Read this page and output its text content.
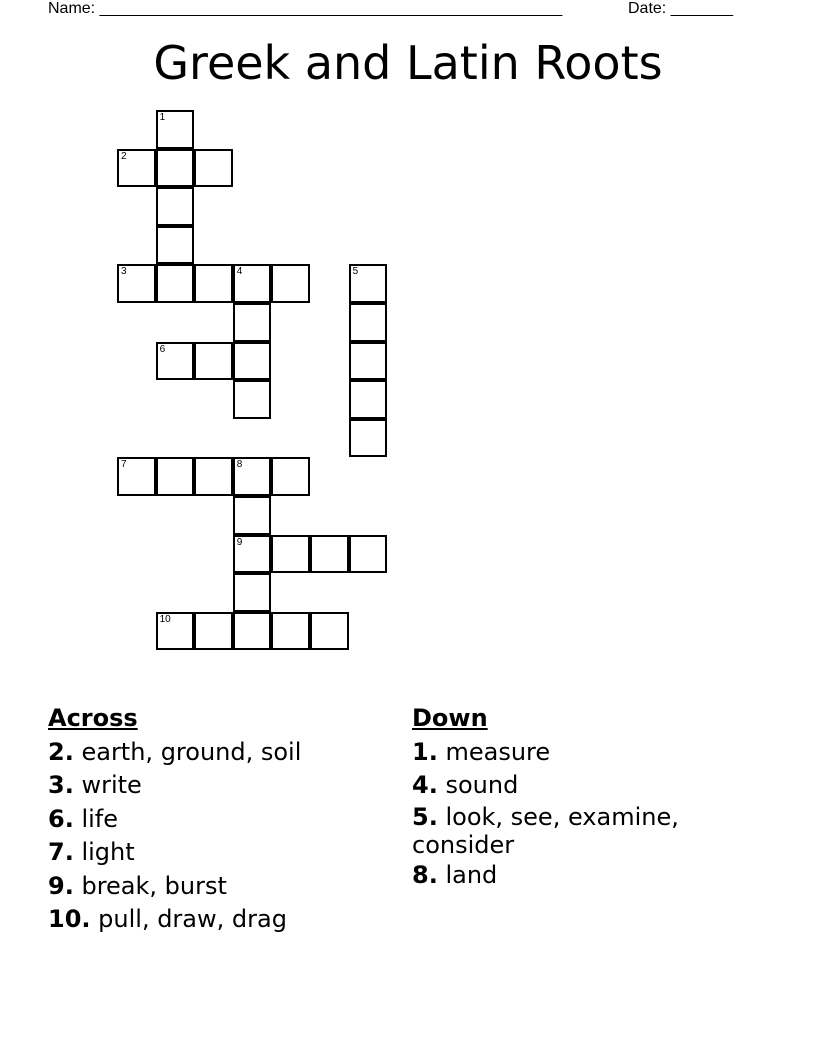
Name: ____________________________________________________	Date: _______
Greek and Latin Roots
1
2
3	4	5
6
7	8
9
10
Across

2. earth, ground, soil

3. write

6. life

7. light

9. break, burst

10. pull, draw, drag

Down

1. measure

4. sound

5. look, see, examine, consider

8. land
